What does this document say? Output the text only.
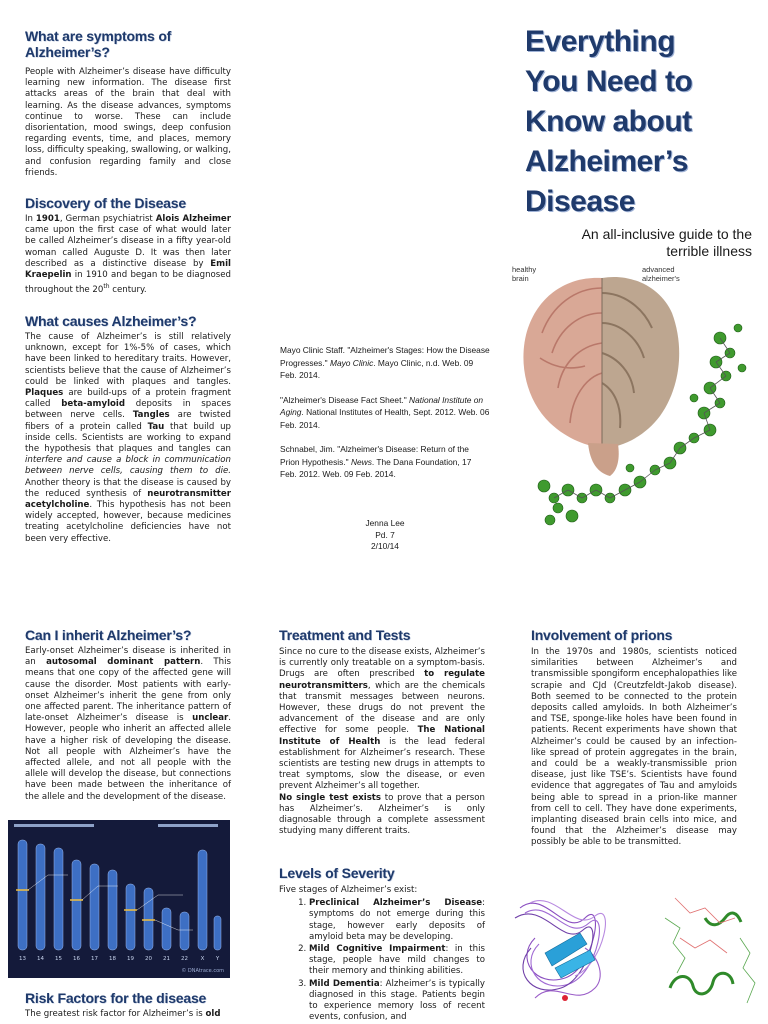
What are symptoms of Alzheimer’s?

People with Alzheimer’s disease have difficulty learning new information. The disease first attacks areas of the brain that deal with learning. As the disease advances, symptoms continue to worse. These can include disorientation, mood swings, deep confusion regarding events, time, and places, memory loss, difficulty speaking, swallowing, or walking, and confusion regarding family and close friends.

Discovery of the Disease

In 1901, German psychiatrist Alois Alzheimer came upon the first case of what would later be called Alzheimer’s disease in a fifty year-old woman called Auguste D. It was then later described as a distinctive disease by Emil Kraepelin in 1910 and began to be diagnosed throughout the 20th century.

What causes Alzheimer’s?

The cause of Alzheimer’s is still relatively unknown, except for 1%-5% of cases, which have been linked to hereditary traits. However, scientists believe that the cause of Alzheimer’s could be linked with plaques and tangles. Plaques are build-ups of a protein fragment called beta-amyloid deposits in spaces between nerve cells. Tangles are twisted fibers of a protein called Tau that build up inside cells. Scientists are working to expand the hypothesis that plaques and tangles can interfere and cause a block in communication between nerve cells, causing them to die. Another theory is that the disease is caused by the reduced synthesis of neurotransmitter acetylcholine. This hypothesis has not been widely accepted, however, because medicines treating acetylcholine deficiencies have not been very effective.

Mayo Clinic Staff. "Alzheimer's Stages: How the Disease Progresses." Mayo Clinic. Mayo Clinic, n.d. Web. 09 Feb. 2014.

"Alzheimer's Disease Fact Sheet." National Institute on Aging. National Institutes of Health, Sept. 2012. Web. 06 Feb. 2014.

Schnabel, Jim. "Alzheimer's Disease: Return of the Prion Hypothesis." News. The Dana Foundation, 17 Feb. 2012. Web. 09 Feb. 2014.

Jenna Lee
Pd. 7
2/10/14
Everything
You Need to
Know about
Alzheimer’s
Disease
An all-inclusive guide to the
terrible illness
healthy
brain
advanced
alzheimer's
Can I inherit Alzheimer’s?

Early-onset Alzheimer’s disease is inherited in an autosomal dominant pattern. This means that one copy of the affected gene will cause the disorder. Most patients with early-onset Alzheimer’s inherit the gene from only one affected parent. The inheritance pattern of late-onset Alzheimer’s disease is unclear. However, people who inherit an affected allele have a higher risk of developing the disease. Not all people with Alzheimer’s have the affected allele, and not all people with the allele will develop the disease, but connections have been made between the inheritance of the allele and the development of the disease.

13 14 15 16 17 18 19 20 21 22 X Y
© DNAtrace.com
Risk Factors for the disease

The greatest risk factor for Alzheimer’s is old

Treatment and Tests

Since no cure to the disease exists, Alzheimer’s is currently only treatable on a symptom-basis. Drugs are often prescribed to regulate neurotransmitters, which are the chemicals that transmit messages between neurons. However, these drugs do not prevent the advancement of the disease and are only effective for some people. The National Institute of Health is the lead federal establishment for Alzheimer’s research. These scientists are testing new drugs in attempts to treat symptoms, slow the disease, or even prevent Alzheimer’s all together.
No single test exists to prove that a person has Alzheimer’s. Alzheimer’s is only diagnosable through a complete assessment studying many different traits.

Levels of Severity

Five stages of Alzheimer’s exist:

1. Preclinical Alzheimer’s Disease: symptoms do not emerge during this stage, however early deposits of amyloid beta may be developing.
2. Mild Cognitive Impairment: in this stage, people have mild changes to their memory and thinking abilities.
3. Mild Dementia: Alzheimer’s is typically diagnosed in this stage. Patients begin to experience memory loss of recent events, confusion, and
Involvement of prions

In the 1970s and 1980s, scientists noticed similarities between Alzheimer’s and transmissible spongiform encephalopathies like scrapie and CJd (Creutzfeldt-Jakob disease). Both seemed to be connected to the protein deposits called amyloids. In both Alzheimer’s and TSE, sponge-like holes have been found in patients. Recent experiments have shown that Alzheimer’s could be caused by an infection-like spread of protein aggregates in the brain, and could be a weakly-transmissible prion disease, just like TSE’s. Scientists have found evidence that aggregates of Tau and amyloids being able to spread in a prion-like manner from cell to cell. They have done experiments, implanting diseased brain cells into mice, and found that the Alzheimer’s disease may possibly be able to be transmitted.
